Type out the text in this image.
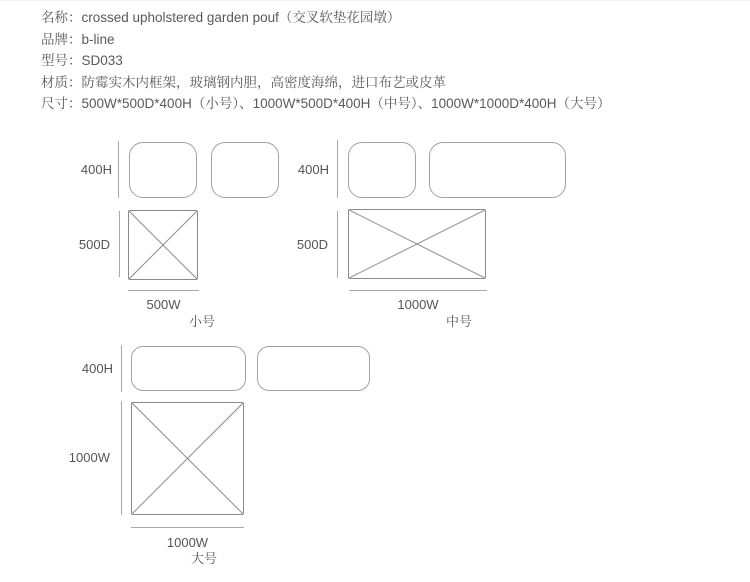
名称：crossed upholstered garden pouf（交叉软垫花园墩）
品牌：b-line
型号：SD033
材质：防霉实木内框架，玻璃钢内胆，高密度海绵，进口布艺或皮革
尺寸：500W*500D*400H（小号）、1000W*500D*400H（中号）、1000W*1000D*400H（大号）
400H
500D
500W
小号
400H
500D
1000W
中号
400H
1000W
1000W
大号
